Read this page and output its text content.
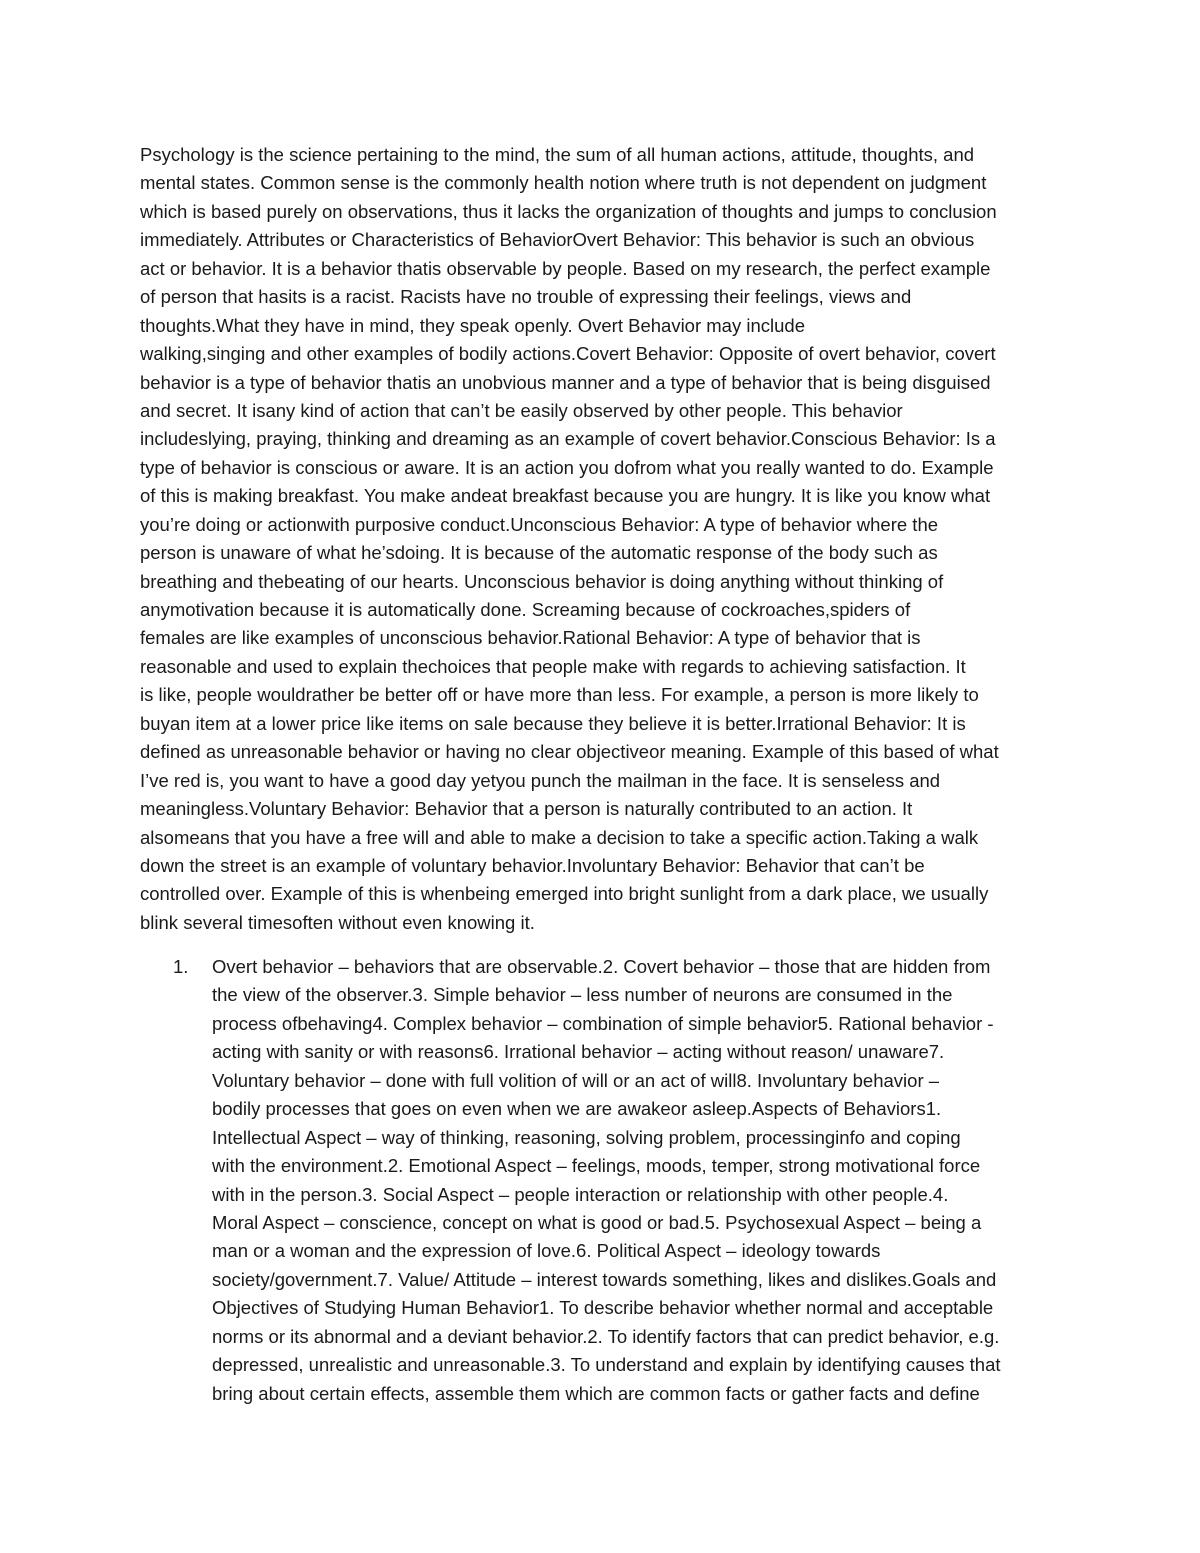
Psychology is the science pertaining to the mind, the sum of all human actions, attitude, thoughts, and
mental states. Common sense is the commonly health notion where truth is not dependent on judgment
which is based purely on observations, thus it lacks the organization of thoughts and jumps to conclusion
immediately. Attributes or Characteristics of BehaviorOvert Behavior: This behavior is such an obvious
act or behavior. It is a behavior thatis observable by people. Based on my research, the perfect example
of person that hasits is a racist. Racists have no trouble of expressing their feelings, views and
thoughts.What they have in mind, they speak openly. Overt Behavior may include
walking,singing and other examples of bodily actions.Covert Behavior: Opposite of overt behavior, covert
behavior is a type of behavior thatis an unobvious manner and a type of behavior that is being disguised
and secret. It isany kind of action that can’t be easily observed by other people. This behavior
includeslying, praying, thinking and dreaming as an example of covert behavior.Conscious Behavior: Is a
type of behavior is conscious or aware. It is an action you dofrom what you really wanted to do. Example
of this is making breakfast. You make andeat breakfast because you are hungry. It is like you know what
you’re doing or actionwith purposive conduct.Unconscious Behavior: A type of behavior where the
person is unaware of what he’sdoing. It is because of the automatic response of the body such as
breathing and thebeating of our hearts. Unconscious behavior is doing anything without thinking of
anymotivation because it is automatically done. Screaming because of cockroaches,spiders of
females are like examples of unconscious behavior.Rational Behavior: A type of behavior that is
reasonable and used to explain thechoices that people make with regards to achieving satisfaction. It
is like, people wouldrather be better off or have more than less. For example, a person is more likely to
buyan item at a lower price like items on sale because they believe it is better.Irrational Behavior: It is
defined as unreasonable behavior or having no clear objectiveor meaning. Example of this based of what
I’ve red is, you want to have a good day yetyou punch the mailman in the face. It is senseless and
meaningless.Voluntary Behavior: Behavior that a person is naturally contributed to an action. It
alsomeans that you have a free will and able to make a decision to take a specific action.Taking a walk
down the street is an example of voluntary behavior.Involuntary Behavior: Behavior that can’t be
controlled over. Example of this is whenbeing emerged into bright sunlight from a dark place, we usually
blink several timesoften without even knowing it.
1.	Overt behavior – behaviors that are observable.2. Covert behavior – those that are hidden from
the view of the observer.3. Simple behavior – less number of neurons are consumed in the
process ofbehaving4. Complex behavior – combination of simple behavior5. Rational behavior -
acting with sanity or with reasons6. Irrational behavior – acting without reason/ unaware7.
Voluntary behavior – done with full volition of will or an act of will8. Involuntary behavior –
bodily processes that goes on even when we are awakeor asleep.Aspects of Behaviors1.
Intellectual Aspect – way of thinking, reasoning, solving problem, processinginfo and coping
with the environment.2. Emotional Aspect – feelings, moods, temper, strong motivational force
with in the person.3. Social Aspect – people interaction or relationship with other people.4.
Moral Aspect – conscience, concept on what is good or bad.5. Psychosexual Aspect – being a
man or a woman and the expression of love.6. Political Aspect – ideology towards
society/government.7. Value/ Attitude – interest towards something, likes and dislikes.Goals and
Objectives of Studying Human Behavior1. To describe behavior whether normal and acceptable
norms or its abnormal and a deviant behavior.2. To identify factors that can predict behavior, e.g.
depressed, unrealistic and unreasonable.3. To understand and explain by identifying causes that
bring about certain effects, assemble them which are common facts or gather facts and define
